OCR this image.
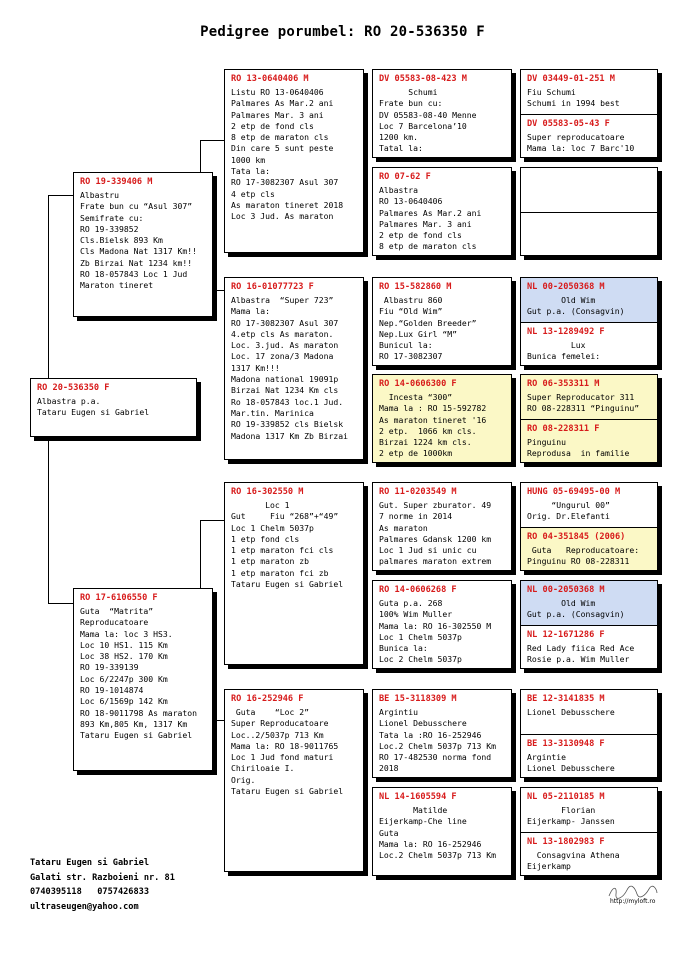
Pedigree porumbel: RO 20-536350 F
RO 20-536350 F
Albastra p.a.
Tataru Eugen si Gabriel
RO 19-339406 M
Albastru
Frate bun cu “Asul 307”
Semifrate cu:
RO 19-339852
Cls.Bielsk 893 Km
Cls Madona Nat 1317 Km!!
Zb Birzai Nat 1234 km!!
RO 18-057843 Loc 1 Jud
Maraton tineret
RO 17-6106550 F
Guta  “Matrita”
Reproducatoare
Mama la: loc 3 HS3.
Loc 10 HS1. 115 Km
Loc 38 HS2. 170 Km
RO 19-339139
Loc 6/2247p 300 Km
RO 19-1014874
Loc 6/1569p 142 Km
RO 18-9011798 As maraton
893 Km,805 Km, 1317 Km
Tataru Eugen si Gabriel
RO 13-0640406 M
Listu RO 13-0640406
Palmares As Mar.2 ani
Palmares Mar. 3 ani
2 etp de fond cls
8 etp de maraton cls
Din care 5 sunt peste
1000 km
Tata la:
RO 17-3082307 Asul 307
4 etp cls
As maraton tineret 2018
Loc 3 Jud. As maraton
RO 16-01077723 F
Albastra  “Super 723”
Mama la:
RO 17-3082307 Asul 307
4.etp cls As maraton.
Loc. 3.jud. As maraton
Loc. 17 zona/3 Madona
1317 Km!!!
Madona national 19091p
Birzai Nat 1234 Km cls
Ro 18-057843 loc.1 Jud.
Mar.tin. Marinica
RO 19-339852 cls Bielsk
Madona 1317 Km Zb Birzai
RO 16-302550 M
Loc 1
Gut     Fiu “268”+“49”
Loc 1 Chelm 5037p
1 etp fond cls
1 etp maraton fci cls
1 etp maraton zb
1 etp maraton fci zb
Tataru Eugen si Gabriel
RO 16-252946 F
Guta    “Loc 2”
Super Reproducatoare
Loc..2/5037p 713 Km
Mama la: RO 18-9011765
Loc 1 Jud fond maturi
Chiriloaie I.
Orig.
Tataru Eugen si Gabriel
DV 05583-08-423 M
Schumi
Frate bun cu:
DV 05583-08-40 Menne
Loc 7 Barcelona’10
1200 km.
Tatal la:
RO 07-62 F
Albastra
RO 13-0640406
Palmares As Mar.2 ani
Palmares Mar. 3 ani
2 etp de fond cls
8 etp de maraton cls
RO 15-582860 M
Albastru 860
Fiu “Old Wim”
Nep.“Golden Breeder”
Nep.Lux Girl “M”
Bunicul la:
RO 17-3082307
RO 14-0606300 F
Incesta “300”
Mama la : RO 15-592782
As maraton tineret '16
2 etp.  1066 km cls.
Birzai 1224 km cls.
2 etp de 1000km
RO 11-0203549 M
Gut. Super zburator. 49
7 norme in 2014
As maraton
Palmares Gdansk 1200 km
Loc 1 Jud si unic cu
palmares maraton extrem
RO 14-0606268 F
Guta p.a. 268
100% Wim Muller
Mama la: RO 16-302550 M
Loc 1 Chelm 5037p
Bunica la:
Loc 2 Chelm 5037p
BE 15-3118309 M
Argintiu
Lionel Debusschere
Tata la :RO 16-252946
Loc.2 Chelm 5037p 713 Km
RO 17-482530 norma fond
2018
NL 14-1605594 F
Matilde
Eijerkamp-Che line
Guta
Mama la: RO 16-252946
Loc.2 Chelm 5037p 713 Km
DV 03449-01-251 M
Fiu Schumi
Schumi in 1994 best
DV 05583-05-43 F
Super reproducatoare
Mama la: loc 7 Barc'10
NL 00-2050368 M
Old Wim
Gut p.a. (Consagvin)
NL 13-1289492 F
Lux
Bunica femelei:
RO 06-353311 M
Super Reproducator 311
RO 08-228311 “Pinguinu”
RO 08-228311 F
Pinguinu
Reprodusa  in familie
HUNG 05-69495-00 M
“Ungurul 00”
Orig. Dr.Elefanti
RO 04-351845 (2006)
Guta   Reproducatoare:
Pinguinu RO 08-228311
NL 00-2050368 M
Old Wim
Gut p.a. (Consagvin)
NL 12-1671286 F
Red Lady fiica Red Ace
Rosie p.a. Wim Muller
BE 12-3141835 M
Lionel Debusschere
BE 13-3130948 F
Argintie
Lionel Debusschere
NL 05-2110185 M
Florian
Eijerkamp- Janssen
NL 13-1802983 F
Consagvina Athena
Eijerkamp
Tataru Eugen si Gabriel
Galati str. Razboieni nr. 81
0740395118   0757426833
ultraseugen@yahoo.com
http://myloft.ro
